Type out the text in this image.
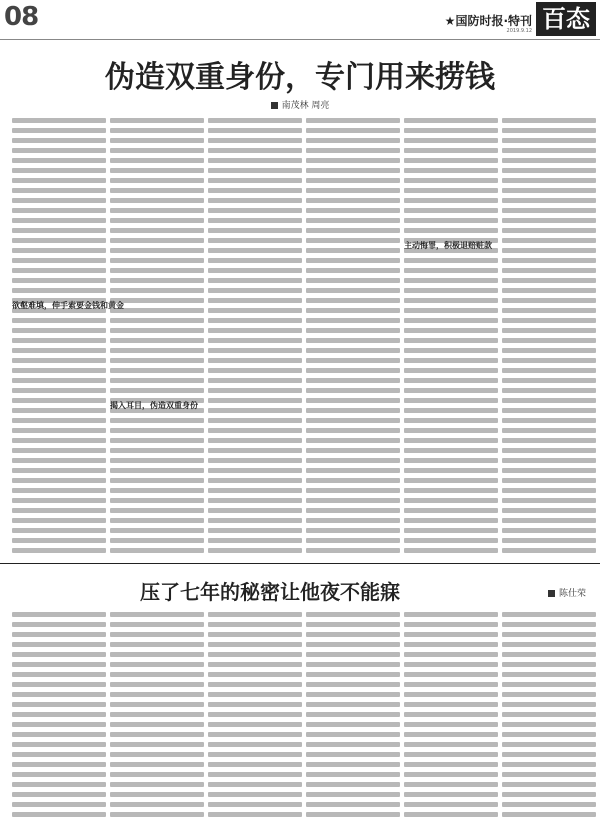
08	★国防时报·特刊
2019.9.12 百态
伪造双重身份，专门用来捞钱
南茂林 周亮
欲壑难填，伸手索要金钱和黄金
揭入耳目，伪造双重身份
主动悔罪，积极退赔赃款
压了七年的秘密让他夜不能寐	陈仕荣
